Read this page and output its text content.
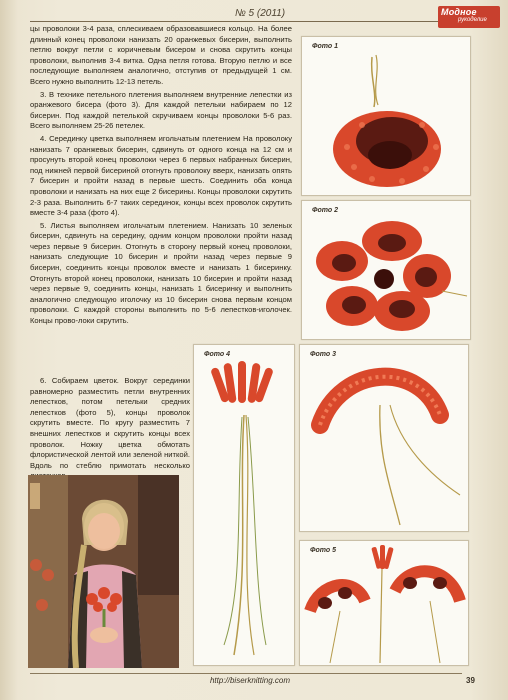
№ 5 (2011)	Модное
рукоделие

цы проволоки 3-4 раза, сплескиваем образовавшиеся кольцо. На более длинный конец проволоки нанизать 20 оранжевых бисерин, выполнить петлю вокруг петли с коричневым бисером и снова скрутить концы проволоки, выполнив 3-4 витка. Одна петля готова. Вторую петлю и все последующие выполняем аналогично, отступив от предыдущей 1 см. Всего нужно выполнить 12-13 петель.

3. В технике петельного плетения выполняем внутренние лепестки из оранжевого бисера (фото 3). Для каждой петельки набираем по 12 бисерин. Под каждой петелькой скручиваем концы проволоки 5-6 раз. Всего выполняем 25-26 петелек.

4. Серединку цветка выполняем игольчатым плетением На проволоку нанизать 7 оранжевых бисерин, сдвинуть от одного конца на 12 см и просунуть второй конец проволоки через 6 первых набранных бисерин, под нижней первой бисериной отогнуть проволоку вверх, нанизать опять 7 бисерин и пройти назад в первые шесть. Соединить оба конца проволоки и нанизать на них еще 2 бисерины. Концы проволоки скрутить 2-3 раза. Выполнить 6-7 таких серединок, концы всех проволок скрутить вместе 3-4 раза (фото 4).

5. Листья выполняем игольчатым плетением. Нанизать 10 зеленых бисерин, сдвинуть на середину, одним концом проволоки пройти назад через первые 9 бисерин. Отогнуть в сторону первый конец проволоки, нанизать следующие 10 бисерин и пройти назад через первые 9 бисерин, соединить концы проволок вместе и нанизать 1 бисеринку. Отогнуть второй конец проволоки, нанизать 10 бисерин и пройти назад через первые 9, соединить концы, нанизать 1 бисеринку и выполнить аналогично следующую иголочку из 10 бисерин снова первым концом проволоки. С каждой стороны выполнить по 5-6 лепестков-иголочек. Концы прово-локи скрутить.

6. Собираем цветок. Вокруг серединки равномерно разместить петли внутренних лепестков, потом петельки средних лепестков (фото 5), концы проволок скрутить вместе. По кругу разместить 7 внешних лепестков и скрутить концы всех проволок. Ножку цветка обмотать флористической лентой или зеленой ниткой. Вдоль по стеблю примотать несколько

Фото 1
Фото 2
Фото 4	Фото 3
Фото 5
http://biserknitting.com	39
